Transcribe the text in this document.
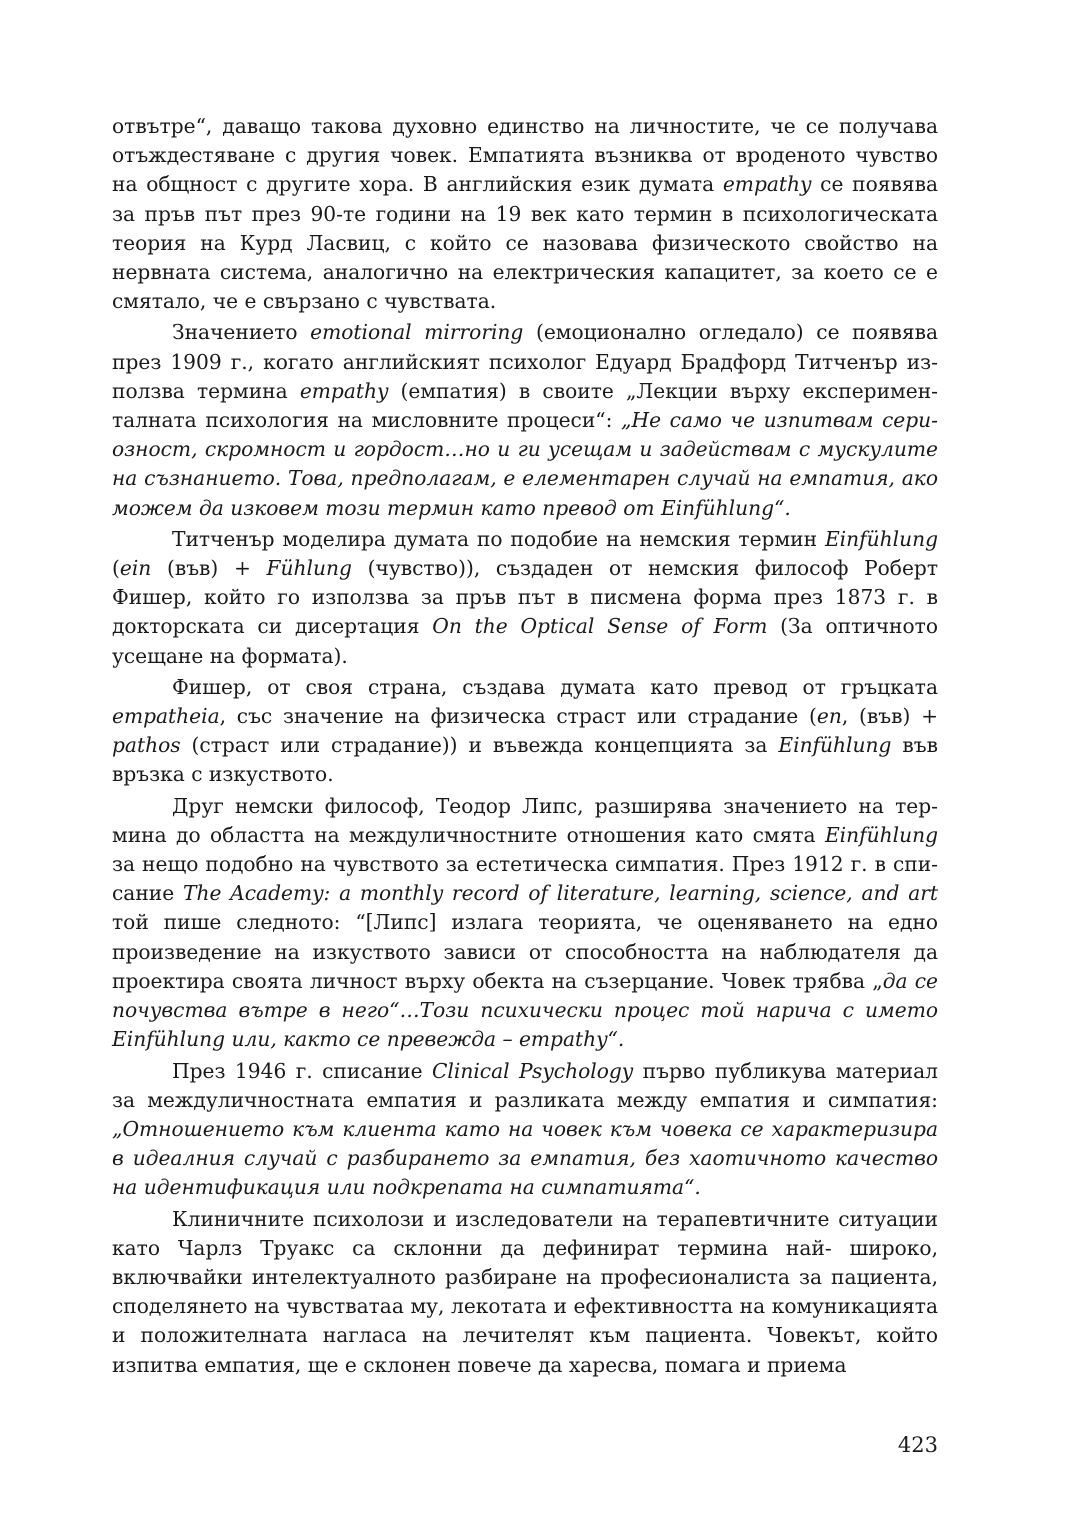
отвътре“, даващо такова духовно единство на личностите, че се получава отъждестяване с другия човек. Емпатията възниква от вроденото чувство на общност с другите хора. В английския език думата empathy се появява за пръв път през 90-те години на 19 век като термин в психологическата теория на Курд Ласвиц, с който се назовава физическото свойство на нервната система, аналогично на електрическия капацитет, за което се е смятало, че е свързано с чувствата.

Значението emotional mirroring (емоционално огледало) се появява през 1909 г., когато английският психолог Едуард Брадфорд Титченър използва термина empathy (емпатия) в своите „Лекции върху експерименталната психология на мисловните процеси“: „Не само че изпитвам сериозност, скромност и гордост…но и ги усещам и задействам с мускулите на съзнанието. Това, предполагам, е елементарен случай на емпатия, ако можем да изковем този термин като превод от Einfühlung“.

Титченър моделира думата по подобие на немския термин Einfühlung (ein (във) + Fühlung (чувство)), създаден от немския философ Роберт Фишер, който го използва за пръв път в писмена форма през 1873 г. в докторската си дисертация On the Optical Sense of Form (За оптичното усещане на формата).

Фишер, от своя страна, създава думата като превод от гръцката empatheia, със значение на физическа страст или страдание (en, (във) + pathos (страст или страдание)) и въвежда концепцията за Einfühlung във връзка с изкуството.

Друг немски философ, Теодор Липс, разширява значението на термина до областта на междуличностните отношения като смята Einfühlung за нещо подобно на чувството за естетическа симпатия. През 1912 г. в списание The Academy: a monthly record of literature, learning, science, and art той пише следното: “[Липс] излага теорията, че оценяването на едно произведение на изкуството зависи от способността на наблюдателя да проектира своята личност върху обекта на съзерцание. Човек трябва „да се почувства вътре в него“…Този психически процес той нарича с името Einfühlung или, както се превежда – empathy“.

През 1946 г. списание Clinical Psychology първо публикува материал за междуличностната емпатия и разликата между емпатия и симпатия: „Отношението към клиента като на човек към човека се характеризира в идеалния случай с разбирането за емпатия, без хаотичното качество на идентификация или подкрепата на симпатията“.

Клиничните психолози и изследователи на терапевтичните ситуации като Чарлз Труакс са склонни да дефинират термина най- широко, включвайки интелектуалното разбиране на професионалиста за пациента, споделянето на чувстватаа му, лекотата и ефективността на комуникацията и положителната нагласа на лечителят към пациента. Човекът, който изпитва емпатия, ще е склонен повече да харесва, помага и приема

423
